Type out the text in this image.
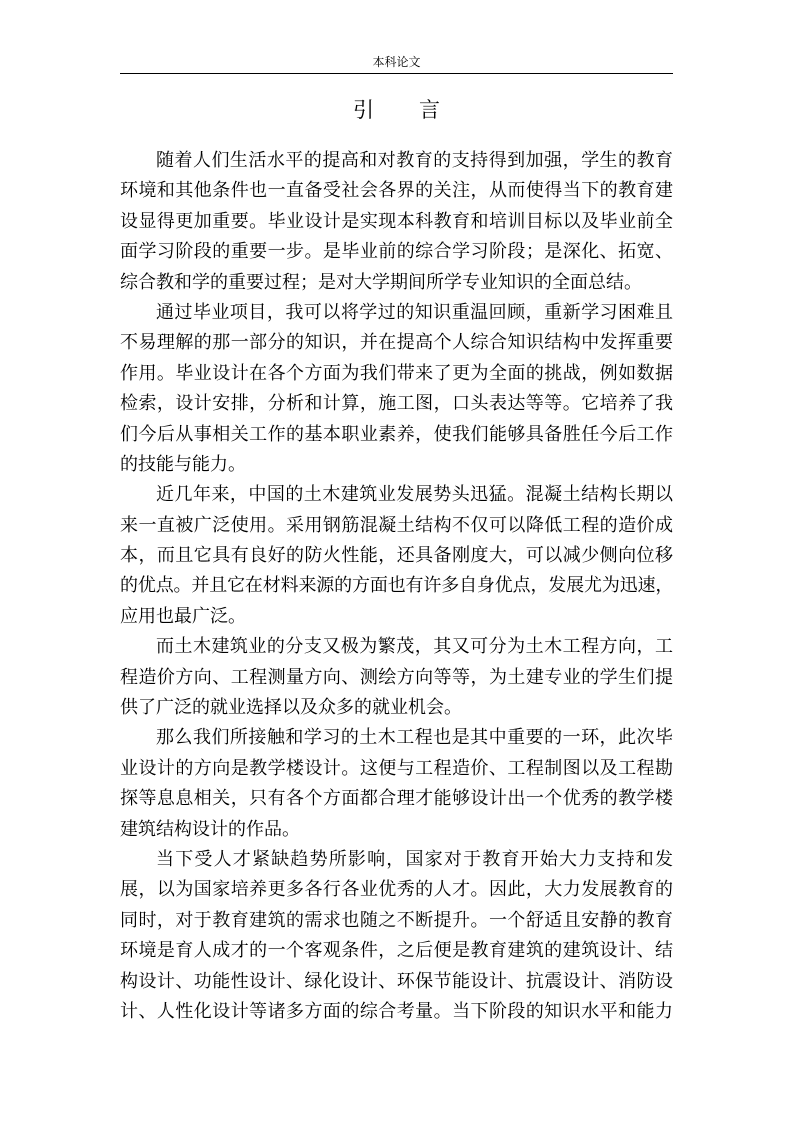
本科论文
引　言
随着人们生活水平的提高和对教育的支持得到加强，学生的教育
环境和其他条件也一直备受社会各界的关注，从而使得当下的教育建
设显得更加重要。毕业设计是实现本科教育和培训目标以及毕业前全
面学习阶段的重要一步。是毕业前的综合学习阶段；是深化、拓宽、
综合教和学的重要过程；是对大学期间所学专业知识的全面总结。
通过毕业项目，我可以将学过的知识重温回顾，重新学习困难且
不易理解的那一部分的知识，并在提高个人综合知识结构中发挥重要
作用。毕业设计在各个方面为我们带来了更为全面的挑战，例如数据
检索，设计安排，分析和计算，施工图，口头表达等等。它培养了我
们今后从事相关工作的基本职业素养，使我们能够具备胜任今后工作
的技能与能力。
近几年来，中国的土木建筑业发展势头迅猛。混凝土结构长期以
来一直被广泛使用。采用钢筋混凝土结构不仅可以降低工程的造价成
本，而且它具有良好的防火性能，还具备刚度大，可以减少侧向位移
的优点。并且它在材料来源的方面也有许多自身优点，发展尤为迅速，
应用也最广泛。
而土木建筑业的分支又极为繁茂，其又可分为土木工程方向，工
程造价方向、工程测量方向、测绘方向等等，为土建专业的学生们提
供了广泛的就业选择以及众多的就业机会。
那么我们所接触和学习的土木工程也是其中重要的一环，此次毕
业设计的方向是教学楼设计。这便与工程造价、工程制图以及工程勘
探等息息相关，只有各个方面都合理才能够设计出一个优秀的教学楼
建筑结构设计的作品。
当下受人才紧缺趋势所影响，国家对于教育开始大力支持和发
展，以为国家培养更多各行各业优秀的人才。因此，大力发展教育的
同时，对于教育建筑的需求也随之不断提升。一个舒适且安静的教育
环境是育人成才的一个客观条件，之后便是教育建筑的建筑设计、结
构设计、功能性设计、绿化设计、环保节能设计、抗震设计、消防设
计、人性化设计等诸多方面的综合考量。当下阶段的知识水平和能力
